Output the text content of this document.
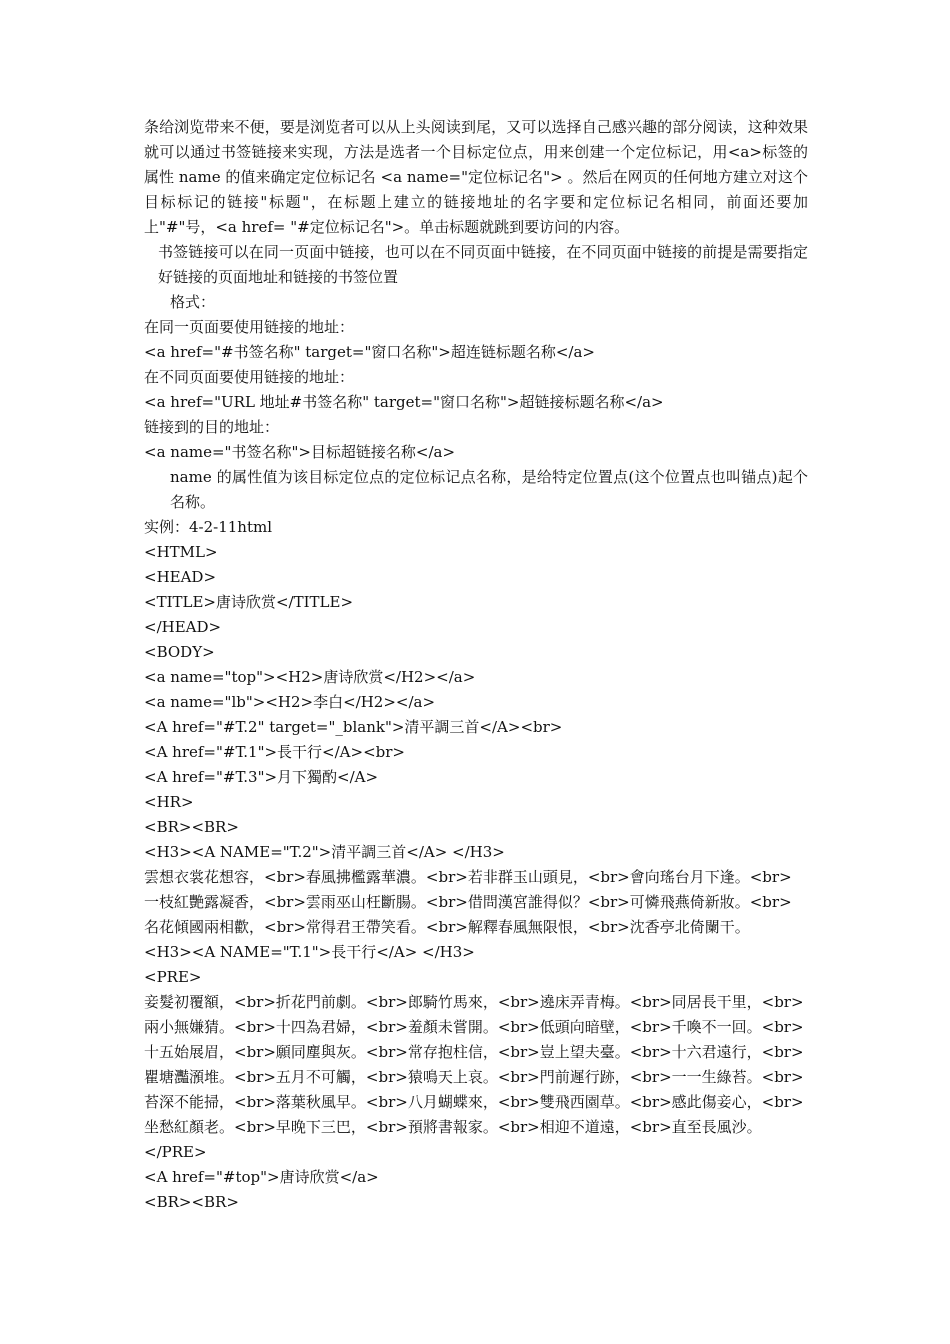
条给浏览带来不便，要是浏览者可以从上头阅读到尾，又可以选择自己感兴趣的部分阅读，这种效果就可以通过书签链接来实现，方法是选者一个目标定位点，用来创建一个定位标记，用<a>标签的属性 name 的值来确定定位标记名 <a name="定位标记名"> 。然后在网页的任何地方建立对这个目标标记的链接"标题"，在标题上建立的链接地址的名字要和定位标记名相同，前面还要加上"#"号，<a href= "#定位标记名">。单击标题就跳到要访问的内容。
书签链接可以在同一页面中链接，也可以在不同页面中链接，在不同页面中链接的前提是需要指定好链接的页面地址和链接的书签位置
格式：
在同一页面要使用链接的地址：
<a href="#书签名称" target="窗口名称">超连链标题名称</a>
在不同页面要使用链接的地址：
<a href="URL 地址#书签名称" target="窗口名称">超链接标题名称</a>
链接到的目的地址：
<a name="书签名称">目标超链接名称</a>
name 的属性值为该目标定位点的定位标记点名称，是给特定位置点(这个位置点也叫锚点)起个名称。
实例：4-2-11html
<HTML>
<HEAD>
<TITLE>唐诗欣赏</TITLE>
</HEAD>
<BODY>
<a name="top"><H2>唐诗欣赏</H2></a>
<a name="lb"><H2>李白</H2></a>
<A href="#T.2" target="_blank">清平調三首</A><br>
<A href="#T.1">長干行</A><br>
<A href="#T.3">月下獨酌</A>
<HR>
<BR><BR>
<H3><A NAME="T.2">清平調三首</A> </H3>
雲想衣裳花想容，<br>春風拂檻露華濃。<br>若非群玉山頭見，<br>會向瑤台月下逢。<br>
一枝紅艷露凝香，<br>雲雨巫山枉斷腸。<br>借問漢宮誰得似？<br>可憐飛燕倚新妝。<br>
名花傾國兩相歡，<br>常得君王帶笑看。<br>解釋春風無限恨，<br>沈香亭北倚闌干。
<H3><A NAME="T.1">長干行</A> </H3>
<PRE>
妾髮初覆額，<br>折花門前劇。<br>郎騎竹馬來，<br>遶床弄青梅。<br>同居長干里，<br>
兩小無嫌猜。<br>十四為君婦，<br>羞顏未嘗開。<br>低頭向暗壁，<br>千喚不一回。<br>
十五始展眉，<br>願同塵與灰。<br>常存抱柱信，<br>豈上望夫臺。<br>十六君遠行，<br>
瞿塘灩澦堆。<br>五月不可觸，<br>猿鳴天上哀。<br>門前遲行跡，<br>一一生綠苔。<br>
苔深不能掃，<br>落葉秋風早。<br>八月蝴蝶來，<br>雙飛西園草。<br>感此傷妾心，<br>
坐愁紅顏老。<br>早晚下三巴，<br>預將書報家。<br>相迎不道遠，<br>直至長風沙。
</PRE>
<A href="#top">唐诗欣赏</a>
<BR><BR>
